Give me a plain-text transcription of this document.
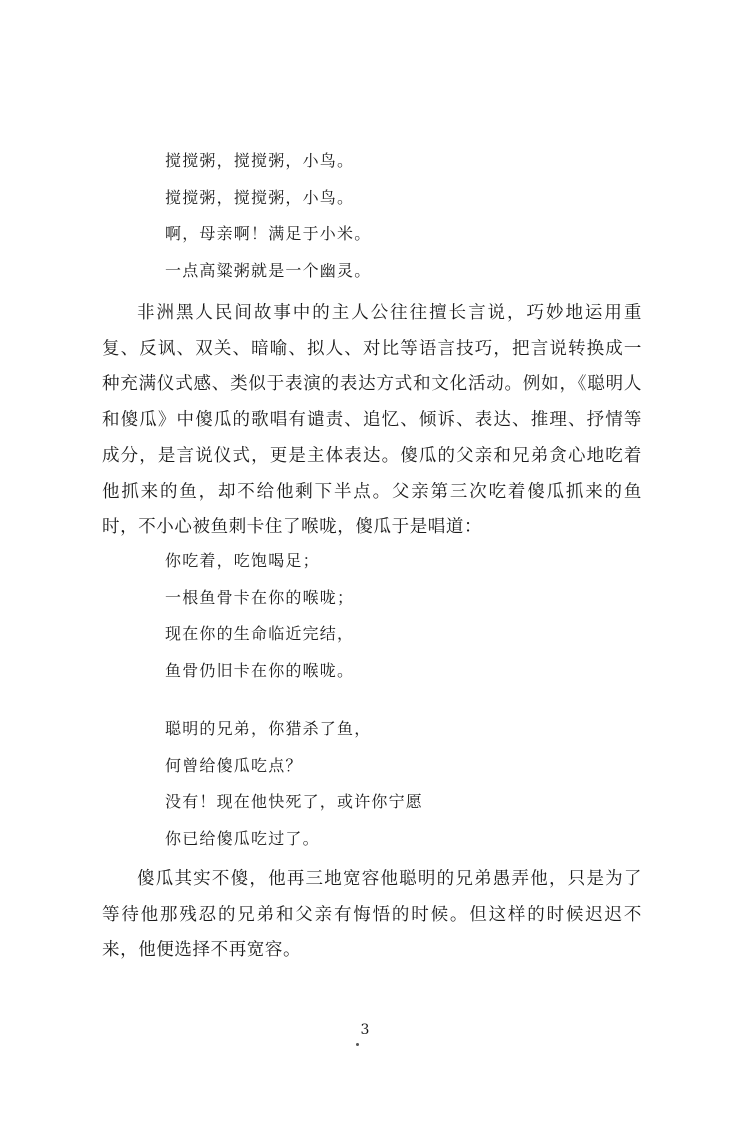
搅搅粥，搅搅粥，小鸟。
搅搅粥，搅搅粥，小鸟。
啊，母亲啊！满足于小米。
一点高粱粥就是一个幽灵。

非洲黑人民间故事中的主人公往往擅长言说，巧妙地运用重复、反讽、双关、暗喻、拟人、对比等语言技巧，把言说转换成一种充满仪式感、类似于表演的表达方式和文化活动。例如，《聪明人和傻瓜》中傻瓜的歌唱有谴责、追忆、倾诉、表达、推理、抒情等成分，是言说仪式，更是主体表达。傻瓜的父亲和兄弟贪心地吃着他抓来的鱼，却不给他剩下半点。父亲第三次吃着傻瓜抓来的鱼时，不小心被鱼刺卡住了喉咙，傻瓜于是唱道：

你吃着，吃饱喝足；
一根鱼骨卡在你的喉咙；
现在你的生命临近完结，
鱼骨仍旧卡在你的喉咙。
聪明的兄弟，你猎杀了鱼，
何曾给傻瓜吃点？
没有！现在他快死了，或许你宁愿
你已给傻瓜吃过了。

傻瓜其实不傻，他再三地宽容他聪明的兄弟愚弄他，只是为了等待他那残忍的兄弟和父亲有悔悟的时候。但这样的时候迟迟不来，他便选择不再宽容。

3
